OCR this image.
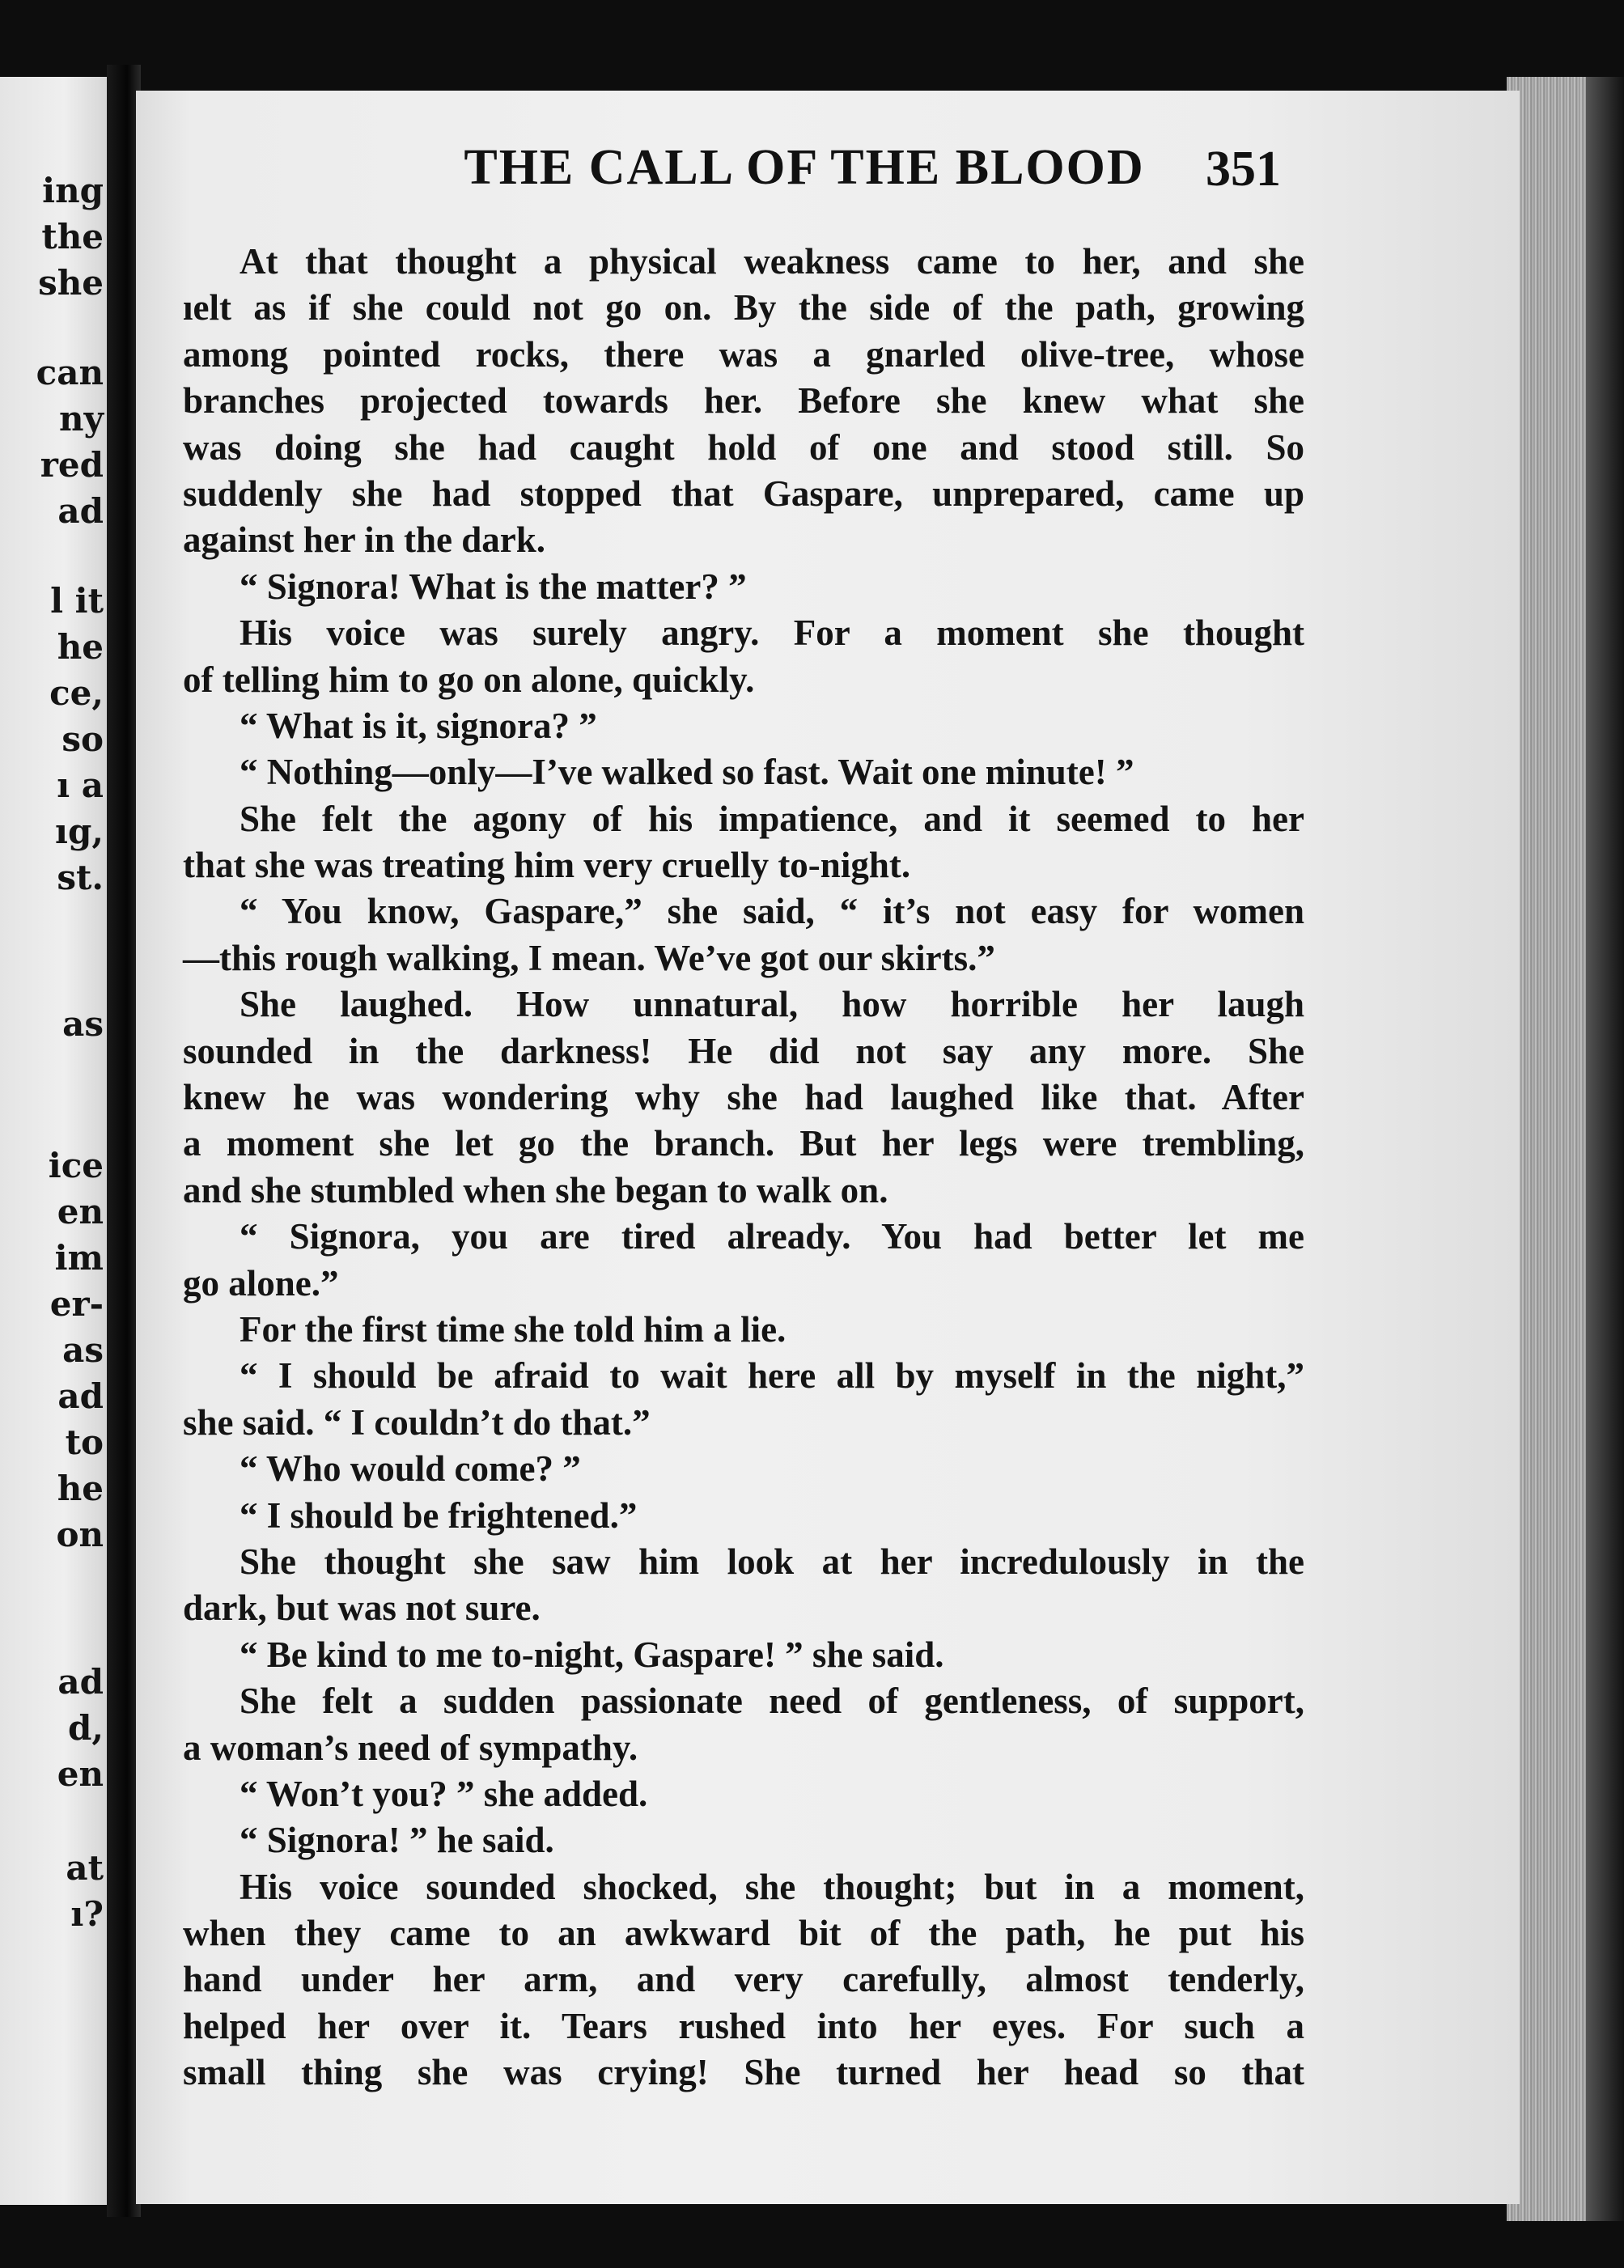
ing
the
she
can
ny
red
ad
l it
he
ce,
so
ı a
ıg,
st.
as
ice
en
im
er-
as
ad
to
he
on
ad
d,
en
at
ı?
THE CALL OF THE BLOOD	351
At that thought a physical weakness came to her, and she
ıelt as if she could not go on. By the side of the path, growing
among pointed rocks, there was a gnarled olive-tree, whose
branches projected towards her. Before she knew what she
was doing she had caught hold of one and stood still. So
suddenly she had stopped that Gaspare, unprepared, came up
against her in the dark.
“ Signora! What is the matter? ”
His voice was surely angry. For a moment she thought
of telling him to go on alone, quickly.
“ What is it, signora? ”
“ Nothing—only—I’ve walked so fast. Wait one minute! ”
She felt the agony of his impatience, and it seemed to her
that she was treating him very cruelly to-night.
“ You know, Gaspare,” she said, “ it’s not easy for women
—this rough walking, I mean. We’ve got our skirts.”
She laughed. How unnatural, how horrible her laugh
sounded in the darkness! He did not say any more. She
knew he was wondering why she had laughed like that. After
a moment she let go the branch. But her legs were trembling,
and she stumbled when she began to walk on.
“ Signora, you are tired already. You had better let me
go alone.”
For the first time she told him a lie.
“ I should be afraid to wait here all by myself in the night,”
she said. “ I couldn’t do that.”
“ Who would come? ”
“ I should be frightened.”
She thought she saw him look at her incredulously in the
dark, but was not sure.
“ Be kind to me to-night, Gaspare! ” she said.
She felt a sudden passionate need of gentleness, of support,
a woman’s need of sympathy.
“ Won’t you? ” she added.
“ Signora! ” he said.
His voice sounded shocked, she thought; but in a moment,
when they came to an awkward bit of the path, he put his
hand under her arm, and very carefully, almost tenderly,
helped her over it. Tears rushed into her eyes. For such a
small thing she was crying! She turned her head so that
